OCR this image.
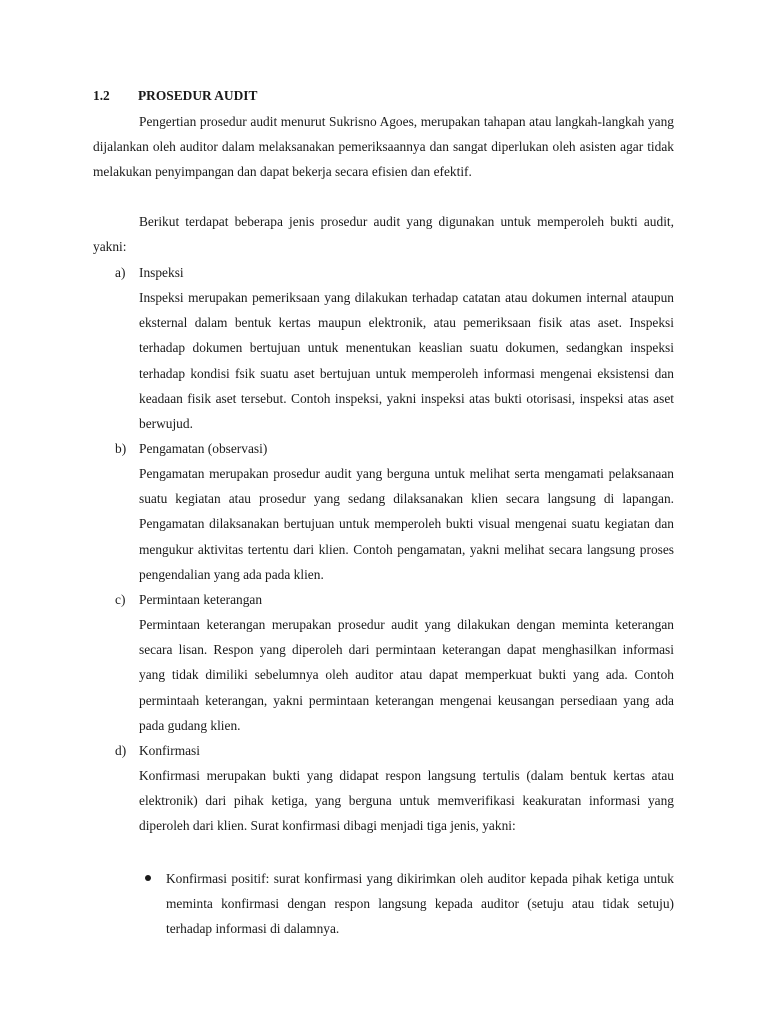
1.2 PROSEDUR AUDIT

Pengertian prosedur audit menurut Sukrisno Agoes, merupakan tahapan atau langkah-langkah yang dijalankan oleh auditor dalam melaksanakan pemeriksaannya dan sangat diperlukan oleh asisten agar tidak melakukan penyimpangan dan dapat bekerja secara efisien dan efektif.

Berikut terdapat beberapa jenis prosedur audit yang digunakan untuk memperoleh bukti audit, yakni:

a) Inspeksi

Inspeksi merupakan pemeriksaan yang dilakukan terhadap catatan atau dokumen internal ataupun eksternal dalam bentuk kertas maupun elektronik, atau pemeriksaan fisik atas aset. Inspeksi terhadap dokumen bertujuan untuk menentukan keaslian suatu dokumen, sedangkan inspeksi terhadap kondisi fsik suatu aset bertujuan untuk memperoleh informasi mengenai eksistensi dan keadaan fisik aset tersebut. Contoh inspeksi, yakni inspeksi atas bukti otorisasi, inspeksi atas aset berwujud.

b) Pengamatan (observasi)

Pengamatan merupakan prosedur audit yang berguna untuk melihat serta mengamati pelaksanaan suatu kegiatan atau prosedur yang sedang dilaksanakan klien secara langsung di lapangan. Pengamatan dilaksanakan bertujuan untuk memperoleh bukti visual mengenai suatu kegiatan dan mengukur aktivitas tertentu dari klien. Contoh pengamatan, yakni melihat secara langsung proses pengendalian yang ada pada klien.

c) Permintaan keterangan

Permintaan keterangan merupakan prosedur audit yang dilakukan dengan meminta keterangan secara lisan. Respon yang diperoleh dari permintaan keterangan dapat menghasilkan informasi yang tidak dimiliki sebelumnya oleh auditor atau dapat memperkuat bukti yang ada. Contoh permintaah keterangan, yakni permintaan keterangan mengenai keusangan persediaan yang ada pada gudang klien.

d) Konfirmasi

Konfirmasi merupakan bukti yang didapat respon langsung tertulis (dalam bentuk kertas atau elektronik) dari pihak ketiga, yang berguna untuk memverifikasi keakuratan informasi yang diperoleh dari klien. Surat konfirmasi dibagi menjadi tiga jenis, yakni:

Konfirmasi positif: surat konfirmasi yang dikirimkan oleh auditor kepada pihak ketiga untuk meminta konfirmasi dengan respon langsung kepada auditor (setuju atau tidak setuju) terhadap informasi di dalamnya.
